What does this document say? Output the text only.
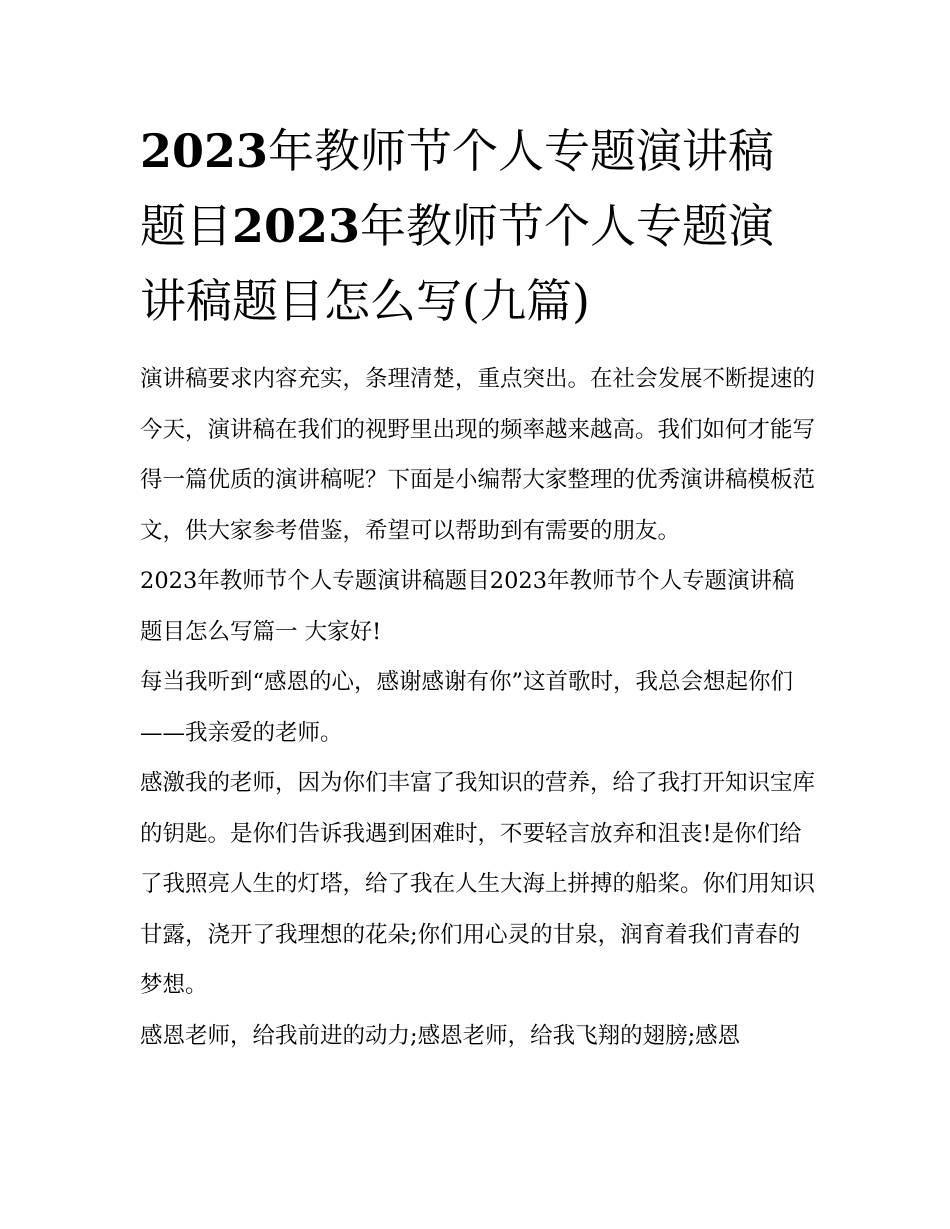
2023年教师节个人专题演讲稿题目2023年教师节个人专题演讲稿题目怎么写(九篇)

演讲稿要求内容充实，条理清楚，重点突出。在社会发展不断提速的今天，演讲稿在我们的视野里出现的频率越来越高。我们如何才能写得一篇优质的演讲稿呢？下面是小编帮大家整理的优秀演讲稿模板范文，供大家参考借鉴，希望可以帮助到有需要的朋友。

2023年教师节个人专题演讲稿题目2023年教师节个人专题演讲稿题目怎么写篇一 大家好!

每当我听到“感恩的心，感谢感谢有你”这首歌时，我总会想起你们——我亲爱的老师。

感激我的老师，因为你们丰富了我知识的营养，给了我打开知识宝库的钥匙。是你们告诉我遇到困难时，不要轻言放弃和沮丧!是你们给了我照亮人生的灯塔，给了我在人生大海上拼搏的船桨。你们用知识甘露，浇开了我理想的花朵;你们用心灵的甘泉，润育着我们青春的梦想。

感恩老师，给我前进的动力;感恩老师，给我飞翔的翅膀;感恩
